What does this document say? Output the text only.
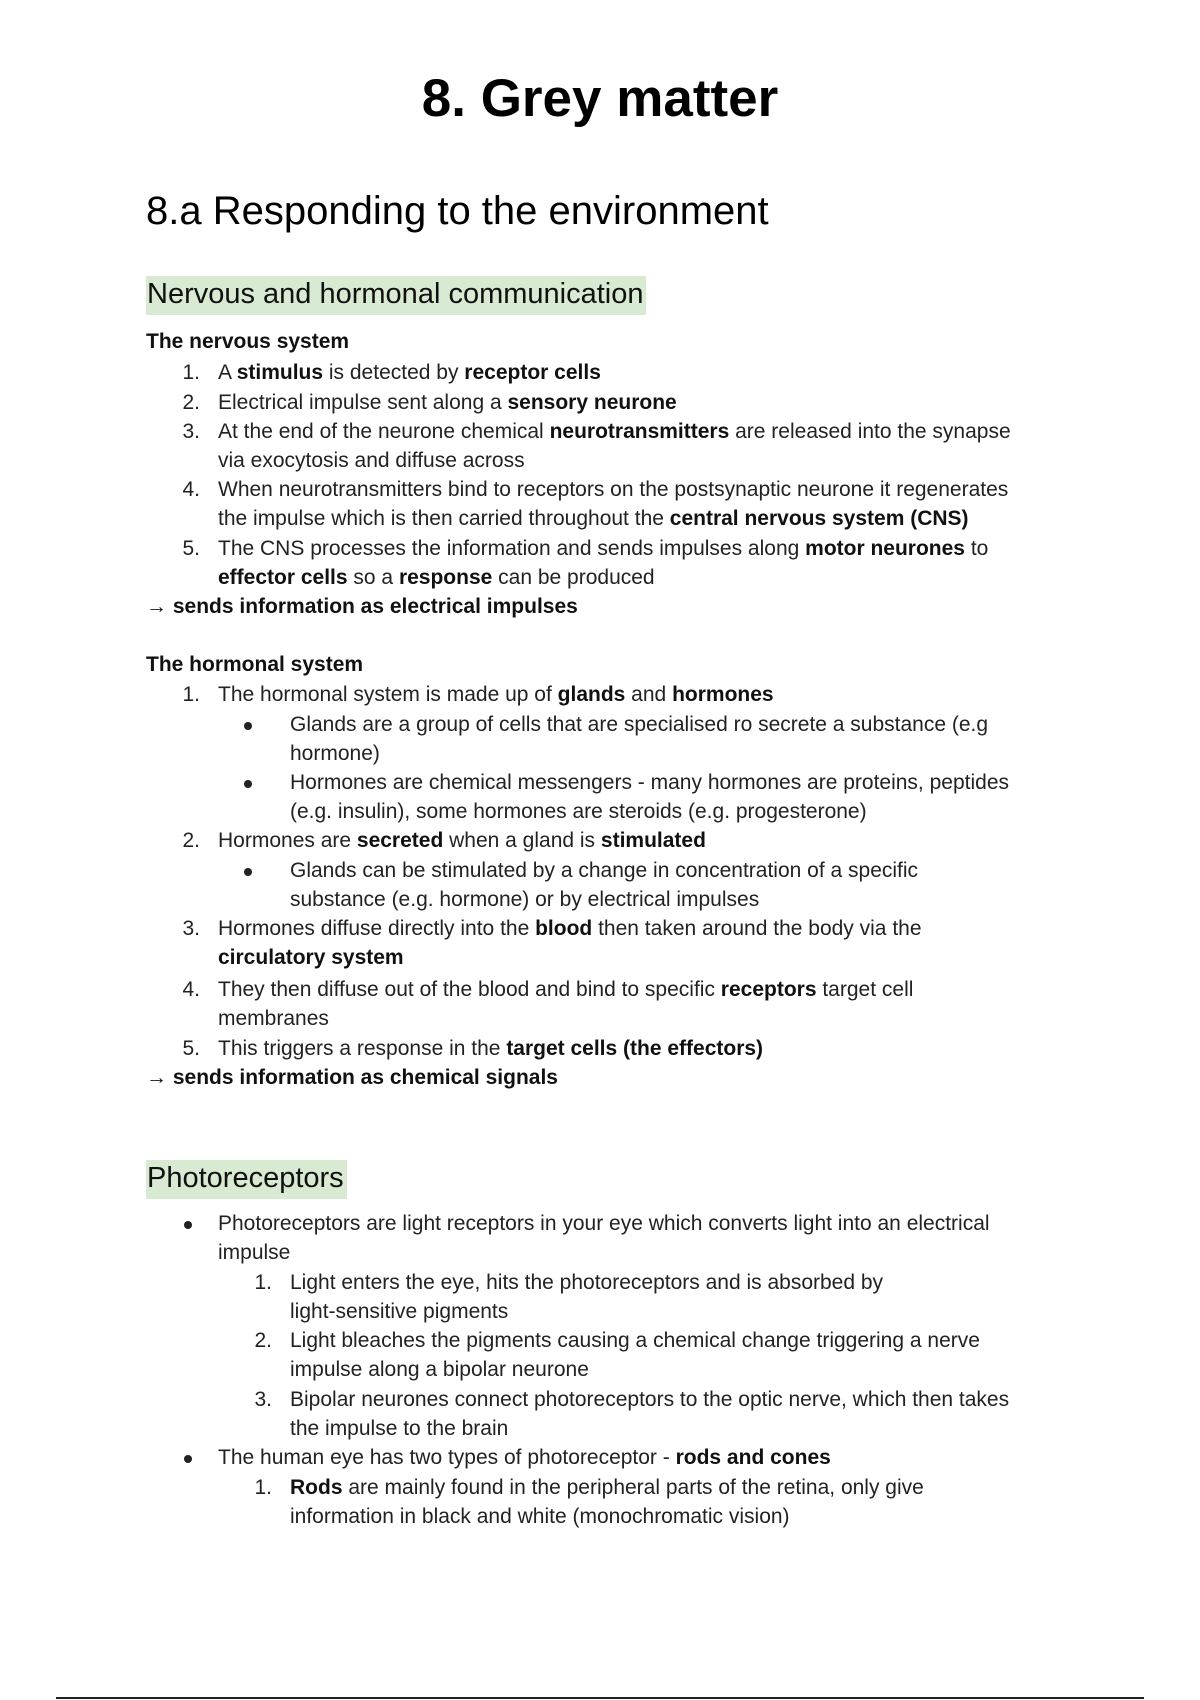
8. Grey matter
8.a Responding to the environment
Nervous and hormonal communication

The nervous system

1. A stimulus is detected by receptor cells
2. Electrical impulse sent along a sensory neurone
3. At the end of the neurone chemical neurotransmitters are released into the synapse
via exocytosis and diffuse across
4. When neurotransmitters bind to receptors on the postsynaptic neurone it regenerates
the impulse which is then carried throughout the central nervous system (CNS)
5. The CNS processes the information and sends impulses along motor neurones to
effector cells so a response can be produced
→ sends information as electrical impulses

The hormonal system

1. The hormonal system is made up of glands and hormones
Glands are a group of cells that are specialised ro secrete a substance (e.g
hormone)
Hormones are chemical messengers - many hormones are proteins, peptides
(e.g. insulin), some hormones are steroids (e.g. progesterone)
2. Hormones are secreted when a gland is stimulated
Glands can be stimulated by a change in concentration of a specific
substance (e.g. hormone) or by electrical impulses
3. Hormones diffuse directly into the blood then taken around the body via the
circulatory system
4. They then diffuse out of the blood and bind to specific receptors target cell
membranes
5. This triggers a response in the target cells (the effectors)
→ sends information as chemical signals
Photoreceptors
Photoreceptors are light receptors in your eye which converts light into an electrical
impulse
1. Light enters the eye, hits the photoreceptors and is absorbed by
light-sensitive pigments
2. Light bleaches the pigments causing a chemical change triggering a nerve
impulse along a bipolar neurone
3. Bipolar neurones connect photoreceptors to the optic nerve, which then takes
the impulse to the brain
The human eye has two types of photoreceptor - rods and cones
1. Rods are mainly found in the peripheral parts of the retina, only give
information in black and white (monochromatic vision)
